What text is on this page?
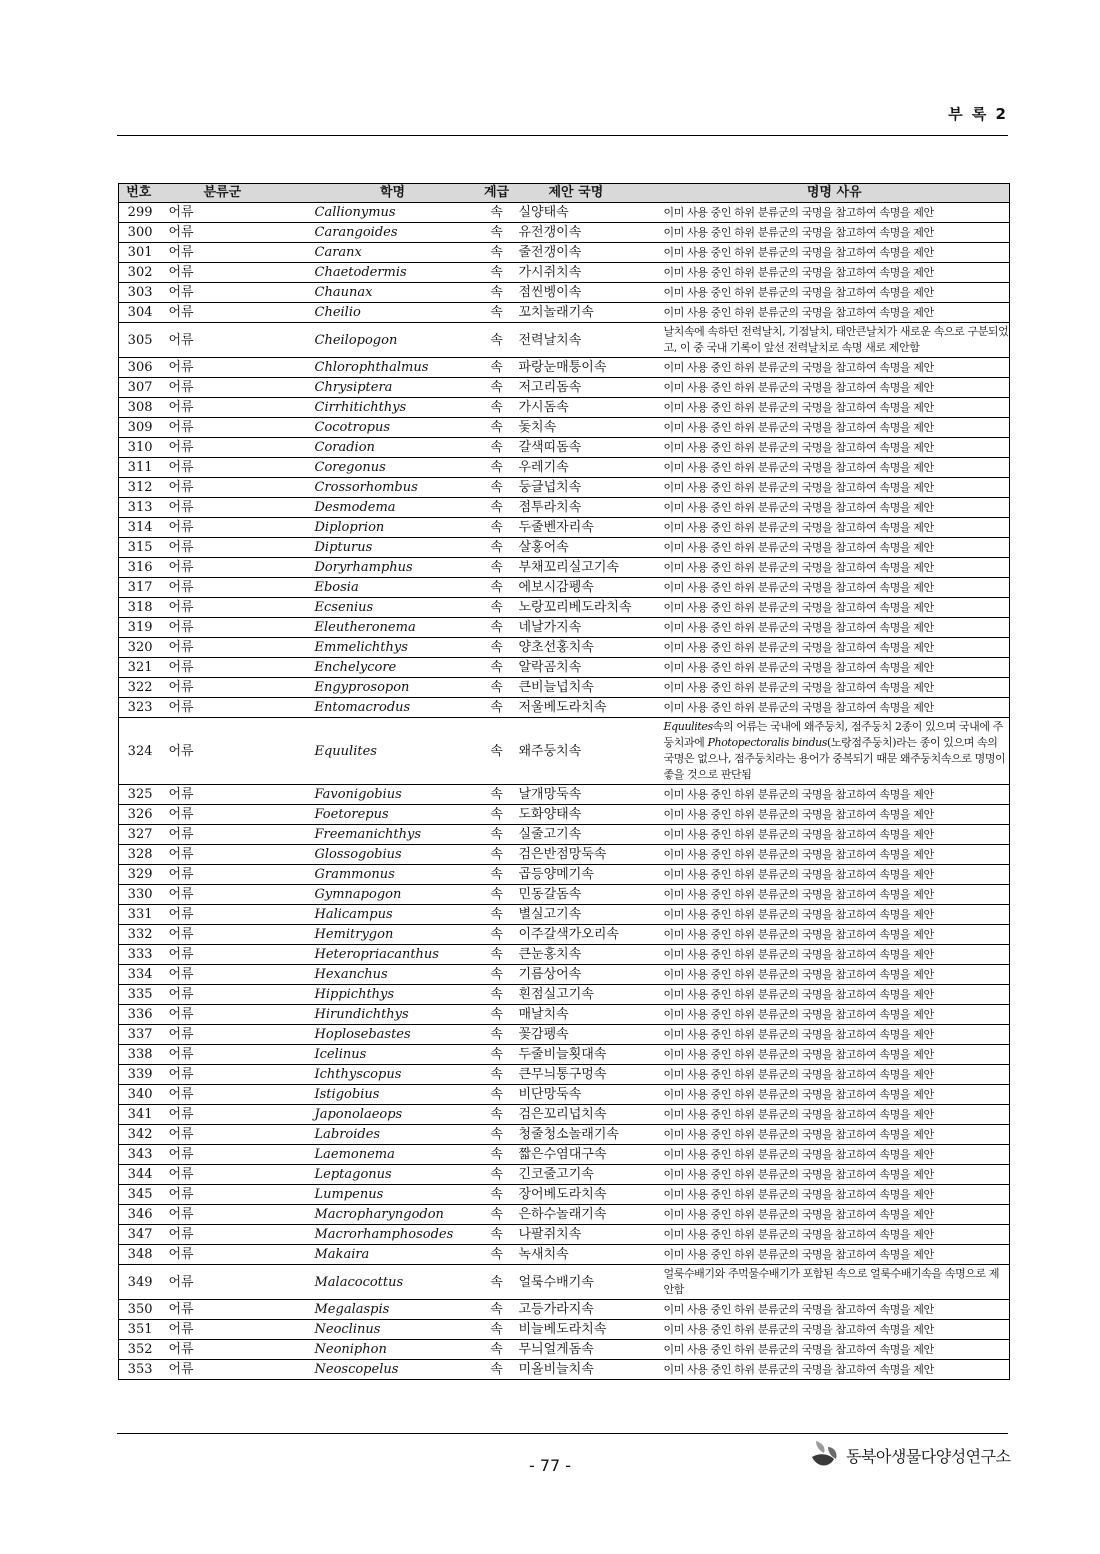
부 록 2
번호	분류군	학명	계급	제안 국명	명명 사유
299	어류	Callionymus	속	실양태속	이미 사용 중인 하위 분류군의 국명을 참고하여 속명을 제안
300	어류	Carangoides	속	유전갱이속	이미 사용 중인 하위 분류군의 국명을 참고하여 속명을 제안
301	어류	Caranx	속	줄전갱이속	이미 사용 중인 하위 분류군의 국명을 참고하여 속명을 제안
302	어류	Chaetodermis	속	가시쥐치속	이미 사용 중인 하위 분류군의 국명을 참고하여 속명을 제안
303	어류	Chaunax	속	점씬벵이속	이미 사용 중인 하위 분류군의 국명을 참고하여 속명을 제안
304	어류	Cheilio	속	꼬치놀래기속	이미 사용 중인 하위 분류군의 국명을 참고하여 속명을 제안
305	어류	Cheilopogon	속	전력날치속	날치속에 속하던 전력날치, 기점날치, 태안큰날치가 새로운 속으로 구분되었고, 이 중 국내 기록이 앞선 전력날치로 속명 새로 제안함
306	어류	Chlorophthalmus	속	파랑눈매퉁이속	이미 사용 중인 하위 분류군의 국명을 참고하여 속명을 제안
307	어류	Chrysiptera	속	저고리돔속	이미 사용 중인 하위 분류군의 국명을 참고하여 속명을 제안
308	어류	Cirrhitichthys	속	가시돔속	이미 사용 중인 하위 분류군의 국명을 참고하여 속명을 제안
309	어류	Cocotropus	속	돛치속	이미 사용 중인 하위 분류군의 국명을 참고하여 속명을 제안
310	어류	Coradion	속	갈색띠돔속	이미 사용 중인 하위 분류군의 국명을 참고하여 속명을 제안
311	어류	Coregonus	속	우레기속	이미 사용 중인 하위 분류군의 국명을 참고하여 속명을 제안
312	어류	Crossorhombus	속	둥글넙치속	이미 사용 중인 하위 분류군의 국명을 참고하여 속명을 제안
313	어류	Desmodema	속	점투라치속	이미 사용 중인 하위 분류군의 국명을 참고하여 속명을 제안
314	어류	Diploprion	속	두줄벤자리속	이미 사용 중인 하위 분류군의 국명을 참고하여 속명을 제안
315	어류	Dipturus	속	살홍어속	이미 사용 중인 하위 분류군의 국명을 참고하여 속명을 제안
316	어류	Doryrhamphus	속	부채꼬리실고기속	이미 사용 중인 하위 분류군의 국명을 참고하여 속명을 제안
317	어류	Ebosia	속	에보시감펭속	이미 사용 중인 하위 분류군의 국명을 참고하여 속명을 제안
318	어류	Ecsenius	속	노랑꼬리베도라치속	이미 사용 중인 하위 분류군의 국명을 참고하여 속명을 제안
319	어류	Eleutheronema	속	네날가지속	이미 사용 중인 하위 분류군의 국명을 참고하여 속명을 제안
320	어류	Emmelichthys	속	양초선홍치속	이미 사용 중인 하위 분류군의 국명을 참고하여 속명을 제안
321	어류	Enchelycore	속	알락곰치속	이미 사용 중인 하위 분류군의 국명을 참고하여 속명을 제안
322	어류	Engyprosopon	속	큰비늘넙치속	이미 사용 중인 하위 분류군의 국명을 참고하여 속명을 제안
323	어류	Entomacrodus	속	저울베도라치속	이미 사용 중인 하위 분류군의 국명을 참고하여 속명을 제안
324	어류	Equulites	속	왜주둥치속	Equulites속의 어류는 국내에 왜주둥치, 점주둥치 2종이 있으며 국내에 주둥치과에 Photopectoralis bindus(노랑점주둥치)라는 종이 있으며 속의 국명은 없으나, 점주둥치라는 용어가 중복되기 때문 왜주둥치속으로 명명이 좋을 것으로 판단됨
325	어류	Favonigobius	속	날개망둑속	이미 사용 중인 하위 분류군의 국명을 참고하여 속명을 제안
326	어류	Foetorepus	속	도화양태속	이미 사용 중인 하위 분류군의 국명을 참고하여 속명을 제안
327	어류	Freemanichthys	속	실줄고기속	이미 사용 중인 하위 분류군의 국명을 참고하여 속명을 제안
328	어류	Glossogobius	속	검은반점망둑속	이미 사용 중인 하위 분류군의 국명을 참고하여 속명을 제안
329	어류	Grammonus	속	곱등양메기속	이미 사용 중인 하위 분류군의 국명을 참고하여 속명을 제안
330	어류	Gymnapogon	속	민동갈돔속	이미 사용 중인 하위 분류군의 국명을 참고하여 속명을 제안
331	어류	Halicampus	속	별실고기속	이미 사용 중인 하위 분류군의 국명을 참고하여 속명을 제안
332	어류	Hemitrygon	속	이주갈색가오리속	이미 사용 중인 하위 분류군의 국명을 참고하여 속명을 제안
333	어류	Heteropriacanthus	속	큰눈홍치속	이미 사용 중인 하위 분류군의 국명을 참고하여 속명을 제안
334	어류	Hexanchus	속	기름상어속	이미 사용 중인 하위 분류군의 국명을 참고하여 속명을 제안
335	어류	Hippichthys	속	흰점실고기속	이미 사용 중인 하위 분류군의 국명을 참고하여 속명을 제안
336	어류	Hirundichthys	속	매날치속	이미 사용 중인 하위 분류군의 국명을 참고하여 속명을 제안
337	어류	Hoplosebastes	속	꽃감펭속	이미 사용 중인 하위 분류군의 국명을 참고하여 속명을 제안
338	어류	Icelinus	속	두줄비늘횟대속	이미 사용 중인 하위 분류군의 국명을 참고하여 속명을 제안
339	어류	Ichthyscopus	속	큰무늬통구멍속	이미 사용 중인 하위 분류군의 국명을 참고하여 속명을 제안
340	어류	Istigobius	속	비단망둑속	이미 사용 중인 하위 분류군의 국명을 참고하여 속명을 제안
341	어류	Japonolaeops	속	검은꼬리넙치속	이미 사용 중인 하위 분류군의 국명을 참고하여 속명을 제안
342	어류	Labroides	속	청줄청소놀래기속	이미 사용 중인 하위 분류군의 국명을 참고하여 속명을 제안
343	어류	Laemonema	속	짧은수염대구속	이미 사용 중인 하위 분류군의 국명을 참고하여 속명을 제안
344	어류	Leptagonus	속	긴코줄고기속	이미 사용 중인 하위 분류군의 국명을 참고하여 속명을 제안
345	어류	Lumpenus	속	장어베도라치속	이미 사용 중인 하위 분류군의 국명을 참고하여 속명을 제안
346	어류	Macropharyngodon	속	은하수놀래기속	이미 사용 중인 하위 분류군의 국명을 참고하여 속명을 제안
347	어류	Macrorhamphosodes	속	나팔쥐치속	이미 사용 중인 하위 분류군의 국명을 참고하여 속명을 제안
348	어류	Makaira	속	녹새치속	이미 사용 중인 하위 분류군의 국명을 참고하여 속명을 제안
349	어류	Malacocottus	속	얼룩수배기속	얼룩수배기와 주먹물수배기가 포함된 속으로 얼룩수배기속을 속명으로 제안함
350	어류	Megalaspis	속	고등가라지속	이미 사용 중인 하위 분류군의 국명을 참고하여 속명을 제안
351	어류	Neoclinus	속	비늘베도라치속	이미 사용 중인 하위 분류군의 국명을 참고하여 속명을 제안
352	어류	Neoniphon	속	무늬얼게돔속	이미 사용 중인 하위 분류군의 국명을 참고하여 속명을 제안
353	어류	Neoscopelus	속	미올비늘치속	이미 사용 중인 하위 분류군의 국명을 참고하여 속명을 제안
- 77 -	동북아생물다양성연구소
